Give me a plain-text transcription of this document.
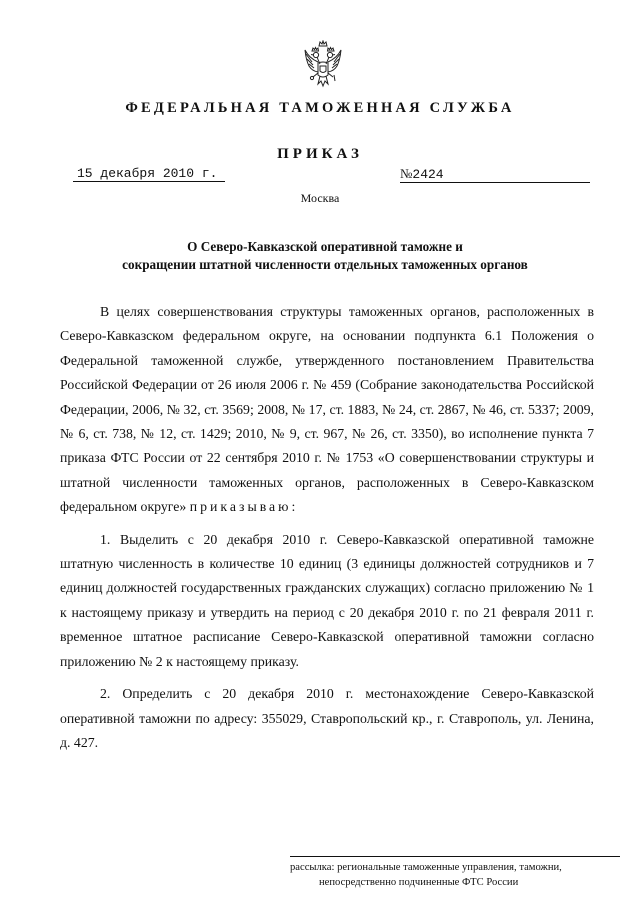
ФЕДЕРАЛЬНАЯ ТАМОЖЕННАЯ СЛУЖБА
ПРИКАЗ
15 декабря 2010 г.	№2424
Москва
О Северо-Кавказской оперативной таможне и
сокращении штатной численности отдельных таможенных органов

В целях совершенствования структуры таможенных органов, расположенных в Северо-Кавказском федеральном округе, на основании подпункта 6.1 Положения о Федеральной таможенной службе, утвержденного постановлением Правительства Российской Федерации от 26 июля 2006 г. № 459 (Собрание законодательства Российской Федерации, 2006, № 32, ст. 3569; 2008, № 17, ст. 1883, № 24, ст. 2867, № 46, ст. 5337; 2009, № 6, ст. 738, № 12, ст. 1429; 2010, № 9, ст. 967, № 26, ст. 3350), во исполнение пункта 7 приказа ФТС России от 22 сентября 2010 г. № 1753 «О совершенствовании структуры и штатной численности таможенных органов, расположенных в Северо-Кавказском федеральном округе» приказываю:

1. Выделить с 20 декабря 2010 г. Северо-Кавказской оперативной таможне штатную численность в количестве 10 единиц (3 единицы должностей сотрудников и 7 единиц должностей государственных гражданских служащих) согласно приложению № 1 к настоящему приказу и утвердить на период с 20 декабря 2010 г. по 21 февраля 2011 г. временное штатное расписание Северо-Кавказской оперативной таможни согласно приложению № 2 к настоящему приказу.

2. Определить с 20 декабря 2010 г. местонахождение Северо-Кавказской оперативной таможни по адресу: 355029, Ставропольский кр., г. Ставрополь, ул. Ленина, д. 427.

рассылка: региональные таможенные управления, таможни,
непосредственно подчиненные ФТС России
